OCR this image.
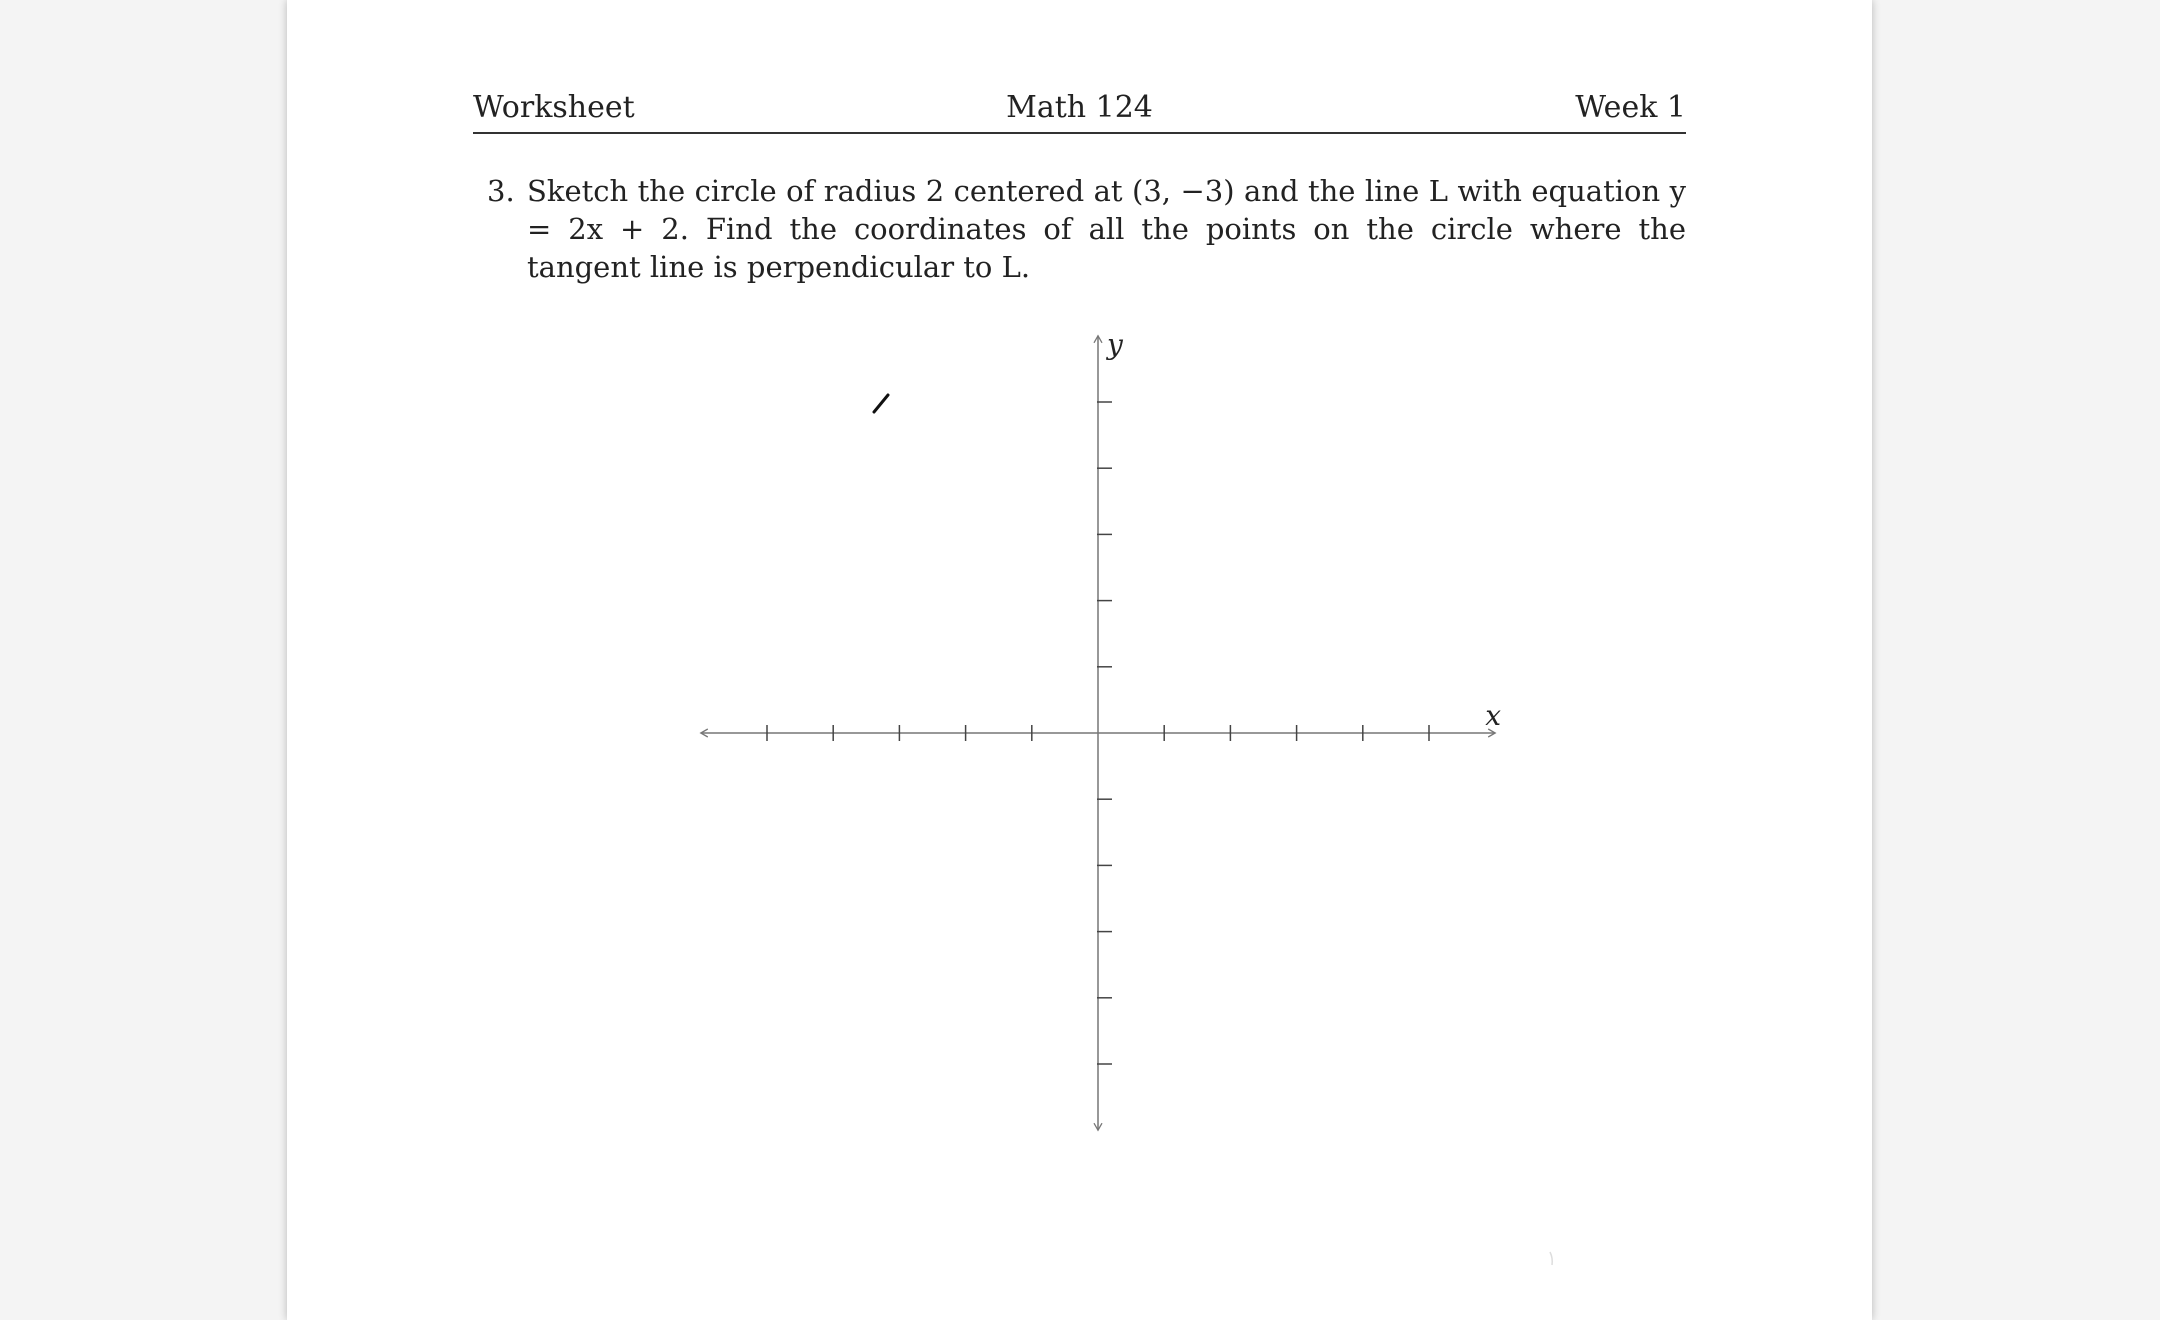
Worksheet	Math 124	Week 1
3. Sketch the circle of radius 2 centered at (3, −3) and the line L with equation y = 2x + 2. Find the coordinates of all the points on the circle where the tangent line is perpendicular to L.
x
y
